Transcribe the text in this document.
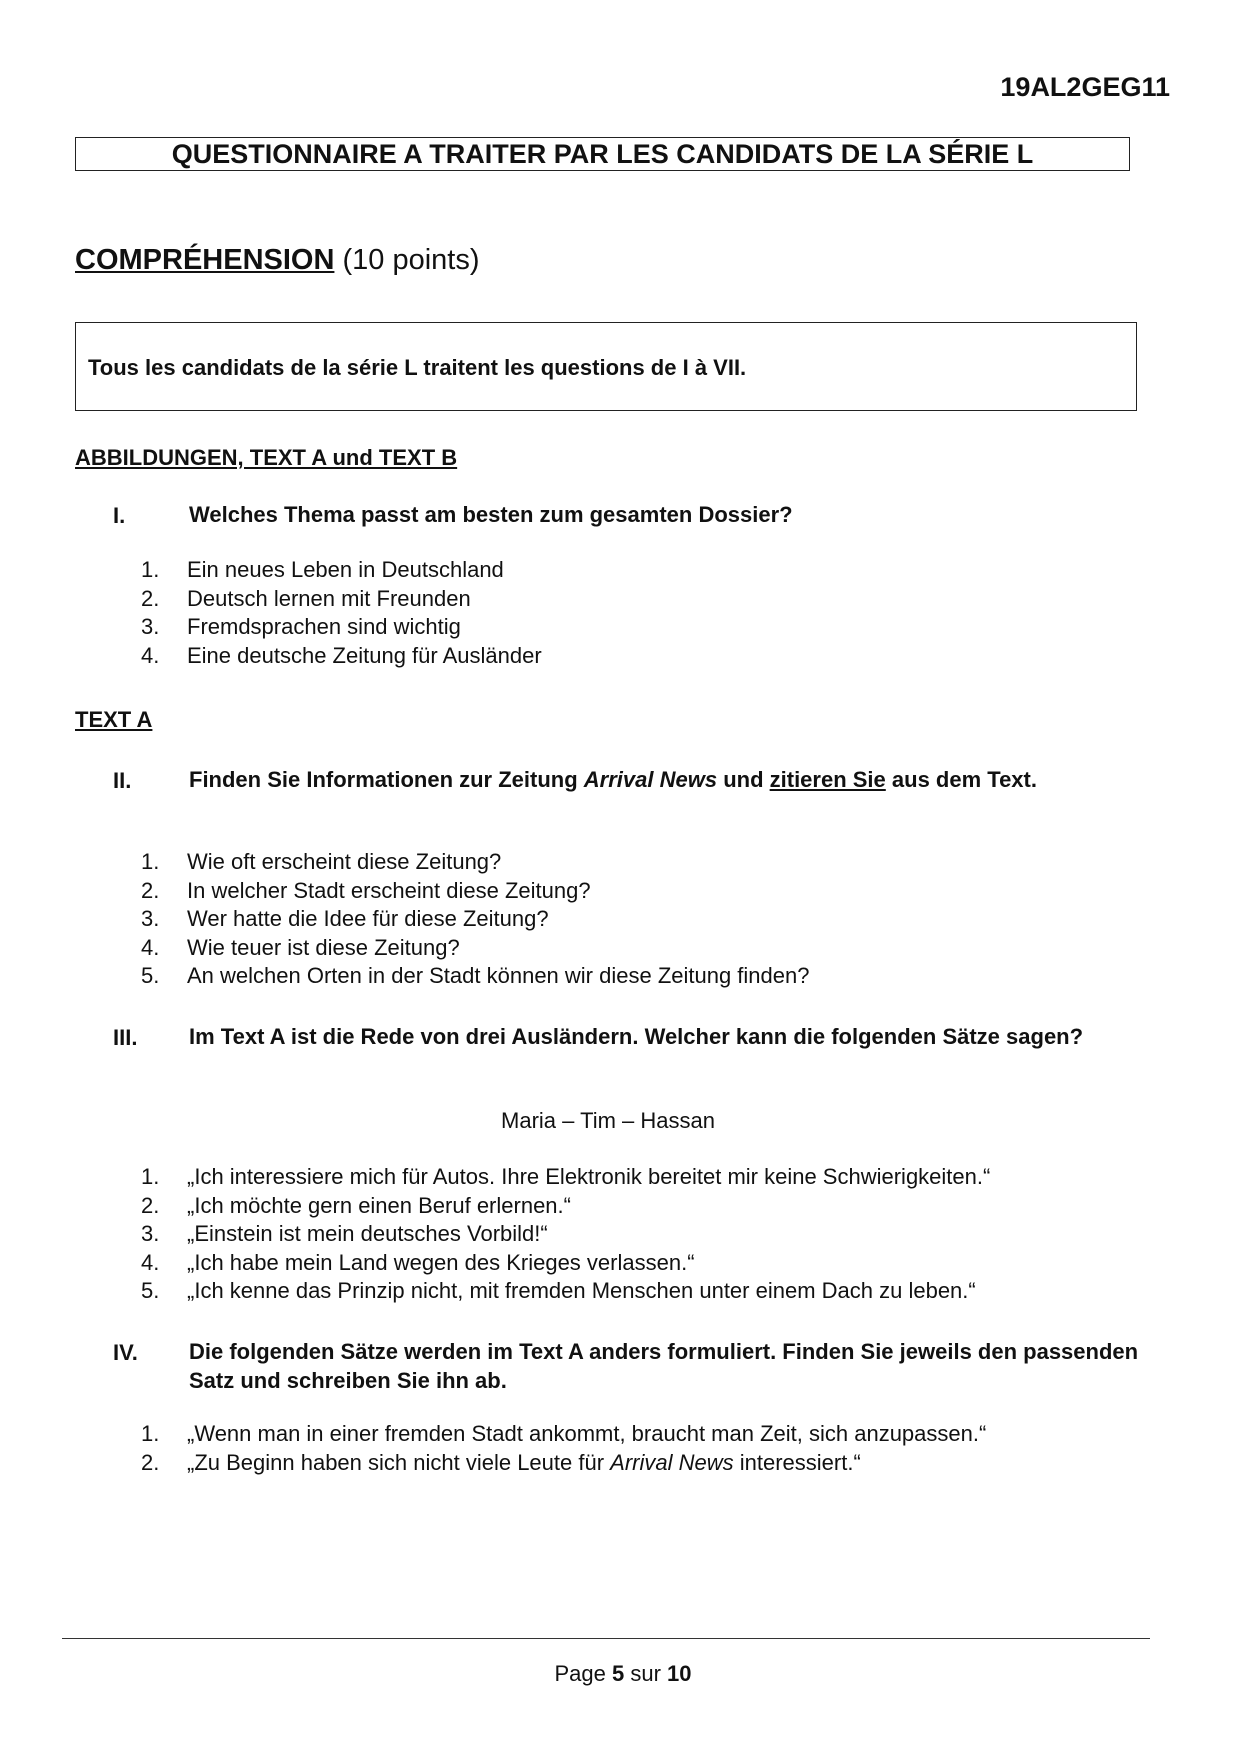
19AL2GEG11
QUESTIONNAIRE A TRAITER PAR LES CANDIDATS DE LA SÉRIE L
COMPRÉHENSION (10 points)
Tous les candidats de la série L traitent les questions de I à VII.
ABBILDUNGEN, TEXT A und TEXT B
I.	Welches Thema passt am besten zum gesamten Dossier?
1.	Ein neues Leben in Deutschland
2.	Deutsch lernen mit Freunden
3.	Fremdsprachen sind wichtig
4.	Eine deutsche Zeitung für Ausländer
TEXT A
II.	Finden Sie Informationen zur Zeitung Arrival News und zitieren Sie aus dem Text.
1.	Wie oft erscheint diese Zeitung?
2.	In welcher Stadt erscheint diese Zeitung?
3.	Wer hatte die Idee für diese Zeitung?
4.	Wie teuer ist diese Zeitung?
5.	An welchen Orten in der Stadt können wir diese Zeitung finden?
III. Im Text A ist die Rede von drei Ausländern. Welcher kann die folgenden Sätze sagen?
Maria – Tim – Hassan
1.	„Ich interessiere mich für Autos. Ihre Elektronik bereitet mir keine Schwierigkeiten.“
2.	„Ich möchte gern einen Beruf erlernen.“
3.	„Einstein ist mein deutsches Vorbild!“
4.	„Ich habe mein Land wegen des Krieges verlassen.“
5.	„Ich kenne das Prinzip nicht, mit fremden Menschen unter einem Dach zu leben.“
IV. Die folgenden Sätze werden im Text A anders formuliert. Finden Sie jeweils den passenden Satz und schreiben Sie ihn ab.
1.	„Wenn man in einer fremden Stadt ankommt, braucht man Zeit, sich anzupassen.“
2.	„Zu Beginn haben sich nicht viele Leute für Arrival News interessiert.“
Page 5 sur 10
